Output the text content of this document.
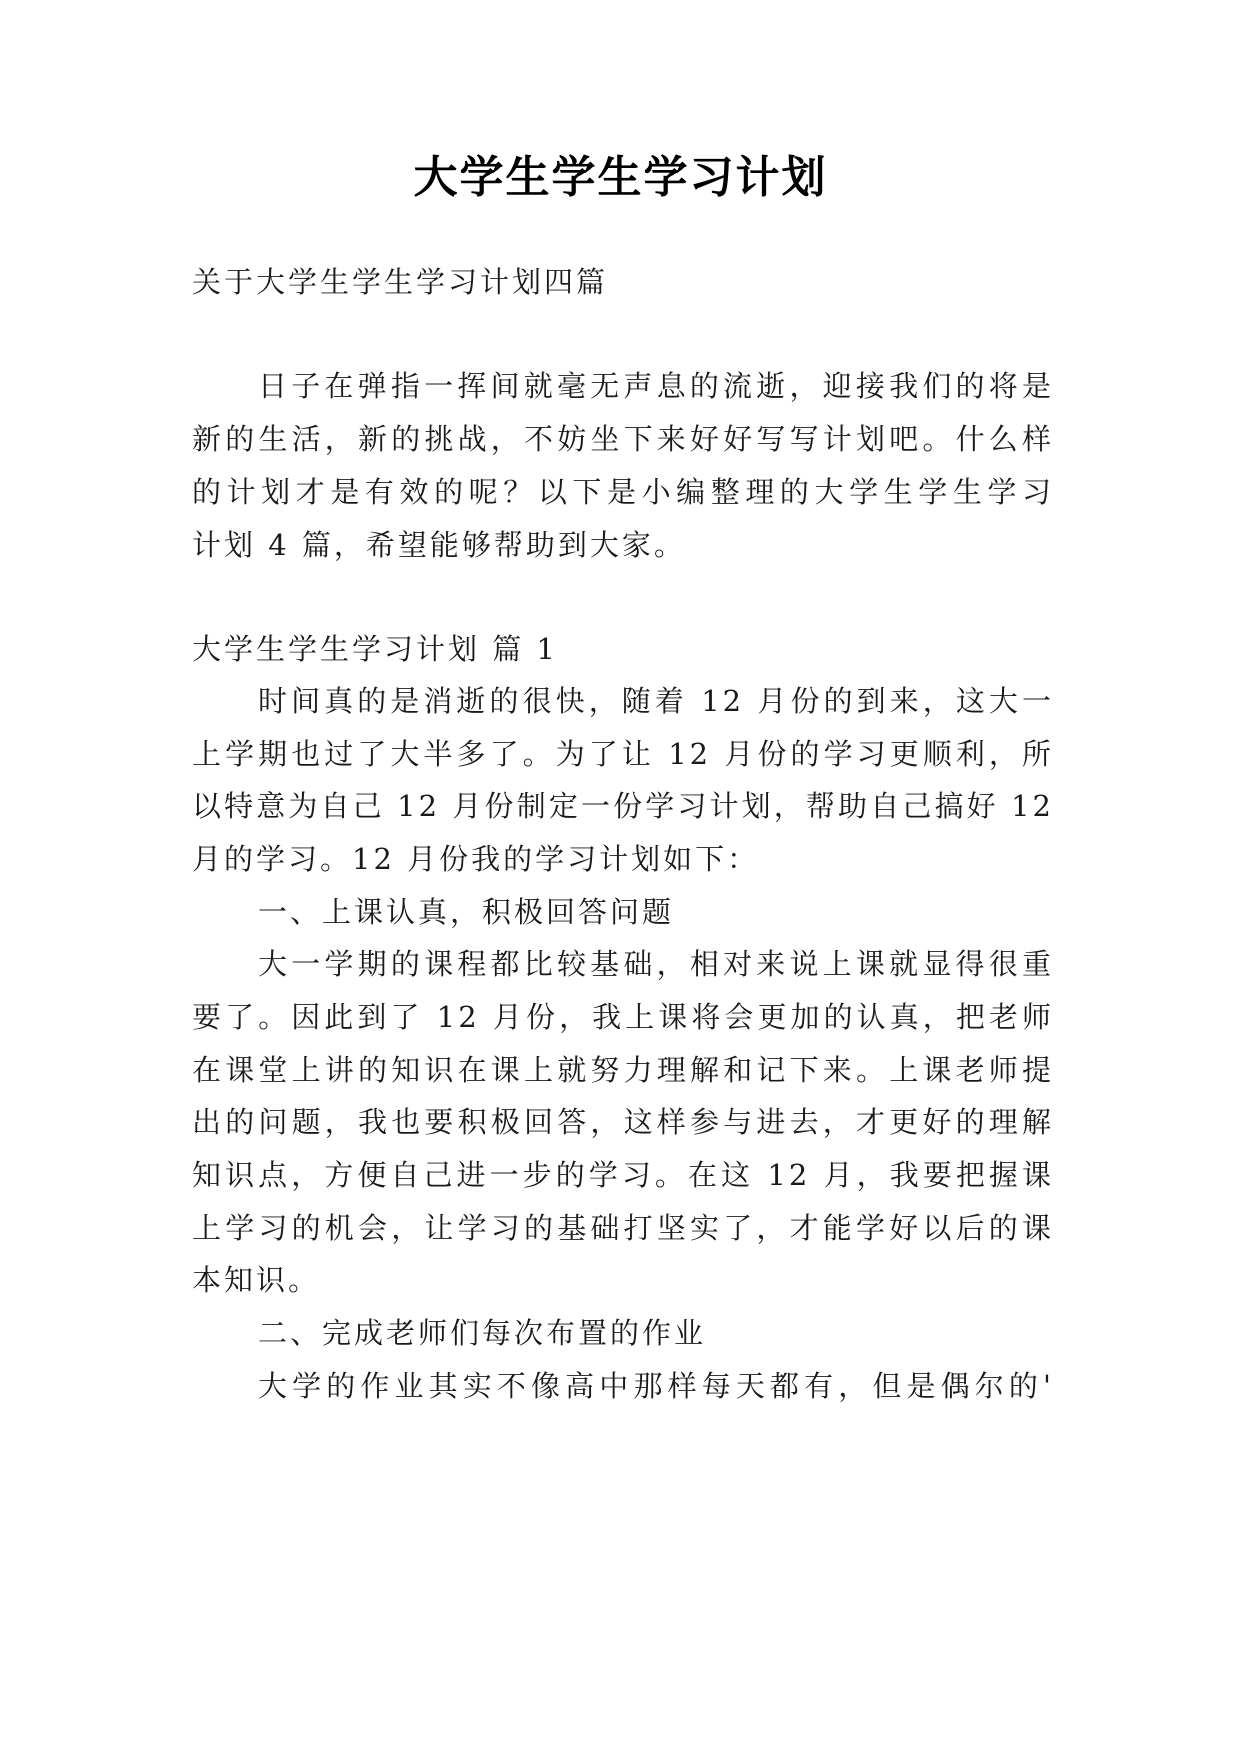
大学生学生学习计划

关于大学生学生学习计划四篇

日子在弹指一挥间就毫无声息的流逝，迎接我们的将是

新的生活，新的挑战，不妨坐下来好好写写计划吧。什么样

的计划才是有效的呢？以下是小编整理的大学生学生学习

计划 4 篇，希望能够帮助到大家。

大学生学生学习计划 篇 1

时间真的是消逝的很快，随着 12 月份的到来，这大一

上学期也过了大半多了。为了让 12 月份的学习更顺利，所

以特意为自己 12 月份制定一份学习计划，帮助自己搞好 12

月的学习。12 月份我的学习计划如下：

一、上课认真，积极回答问题

大一学期的课程都比较基础，相对来说上课就显得很重

要了。因此到了 12 月份，我上课将会更加的认真，把老师

在课堂上讲的知识在课上就努力理解和记下来。上课老师提

出的问题，我也要积极回答，这样参与进去，才更好的理解

知识点，方便自己进一步的学习。在这 12 月，我要把握课

上学习的机会，让学习的基础打坚实了，才能学好以后的课

本知识。

二、完成老师们每次布置的作业

大学的作业其实不像高中那样每天都有，但是偶尔的'
